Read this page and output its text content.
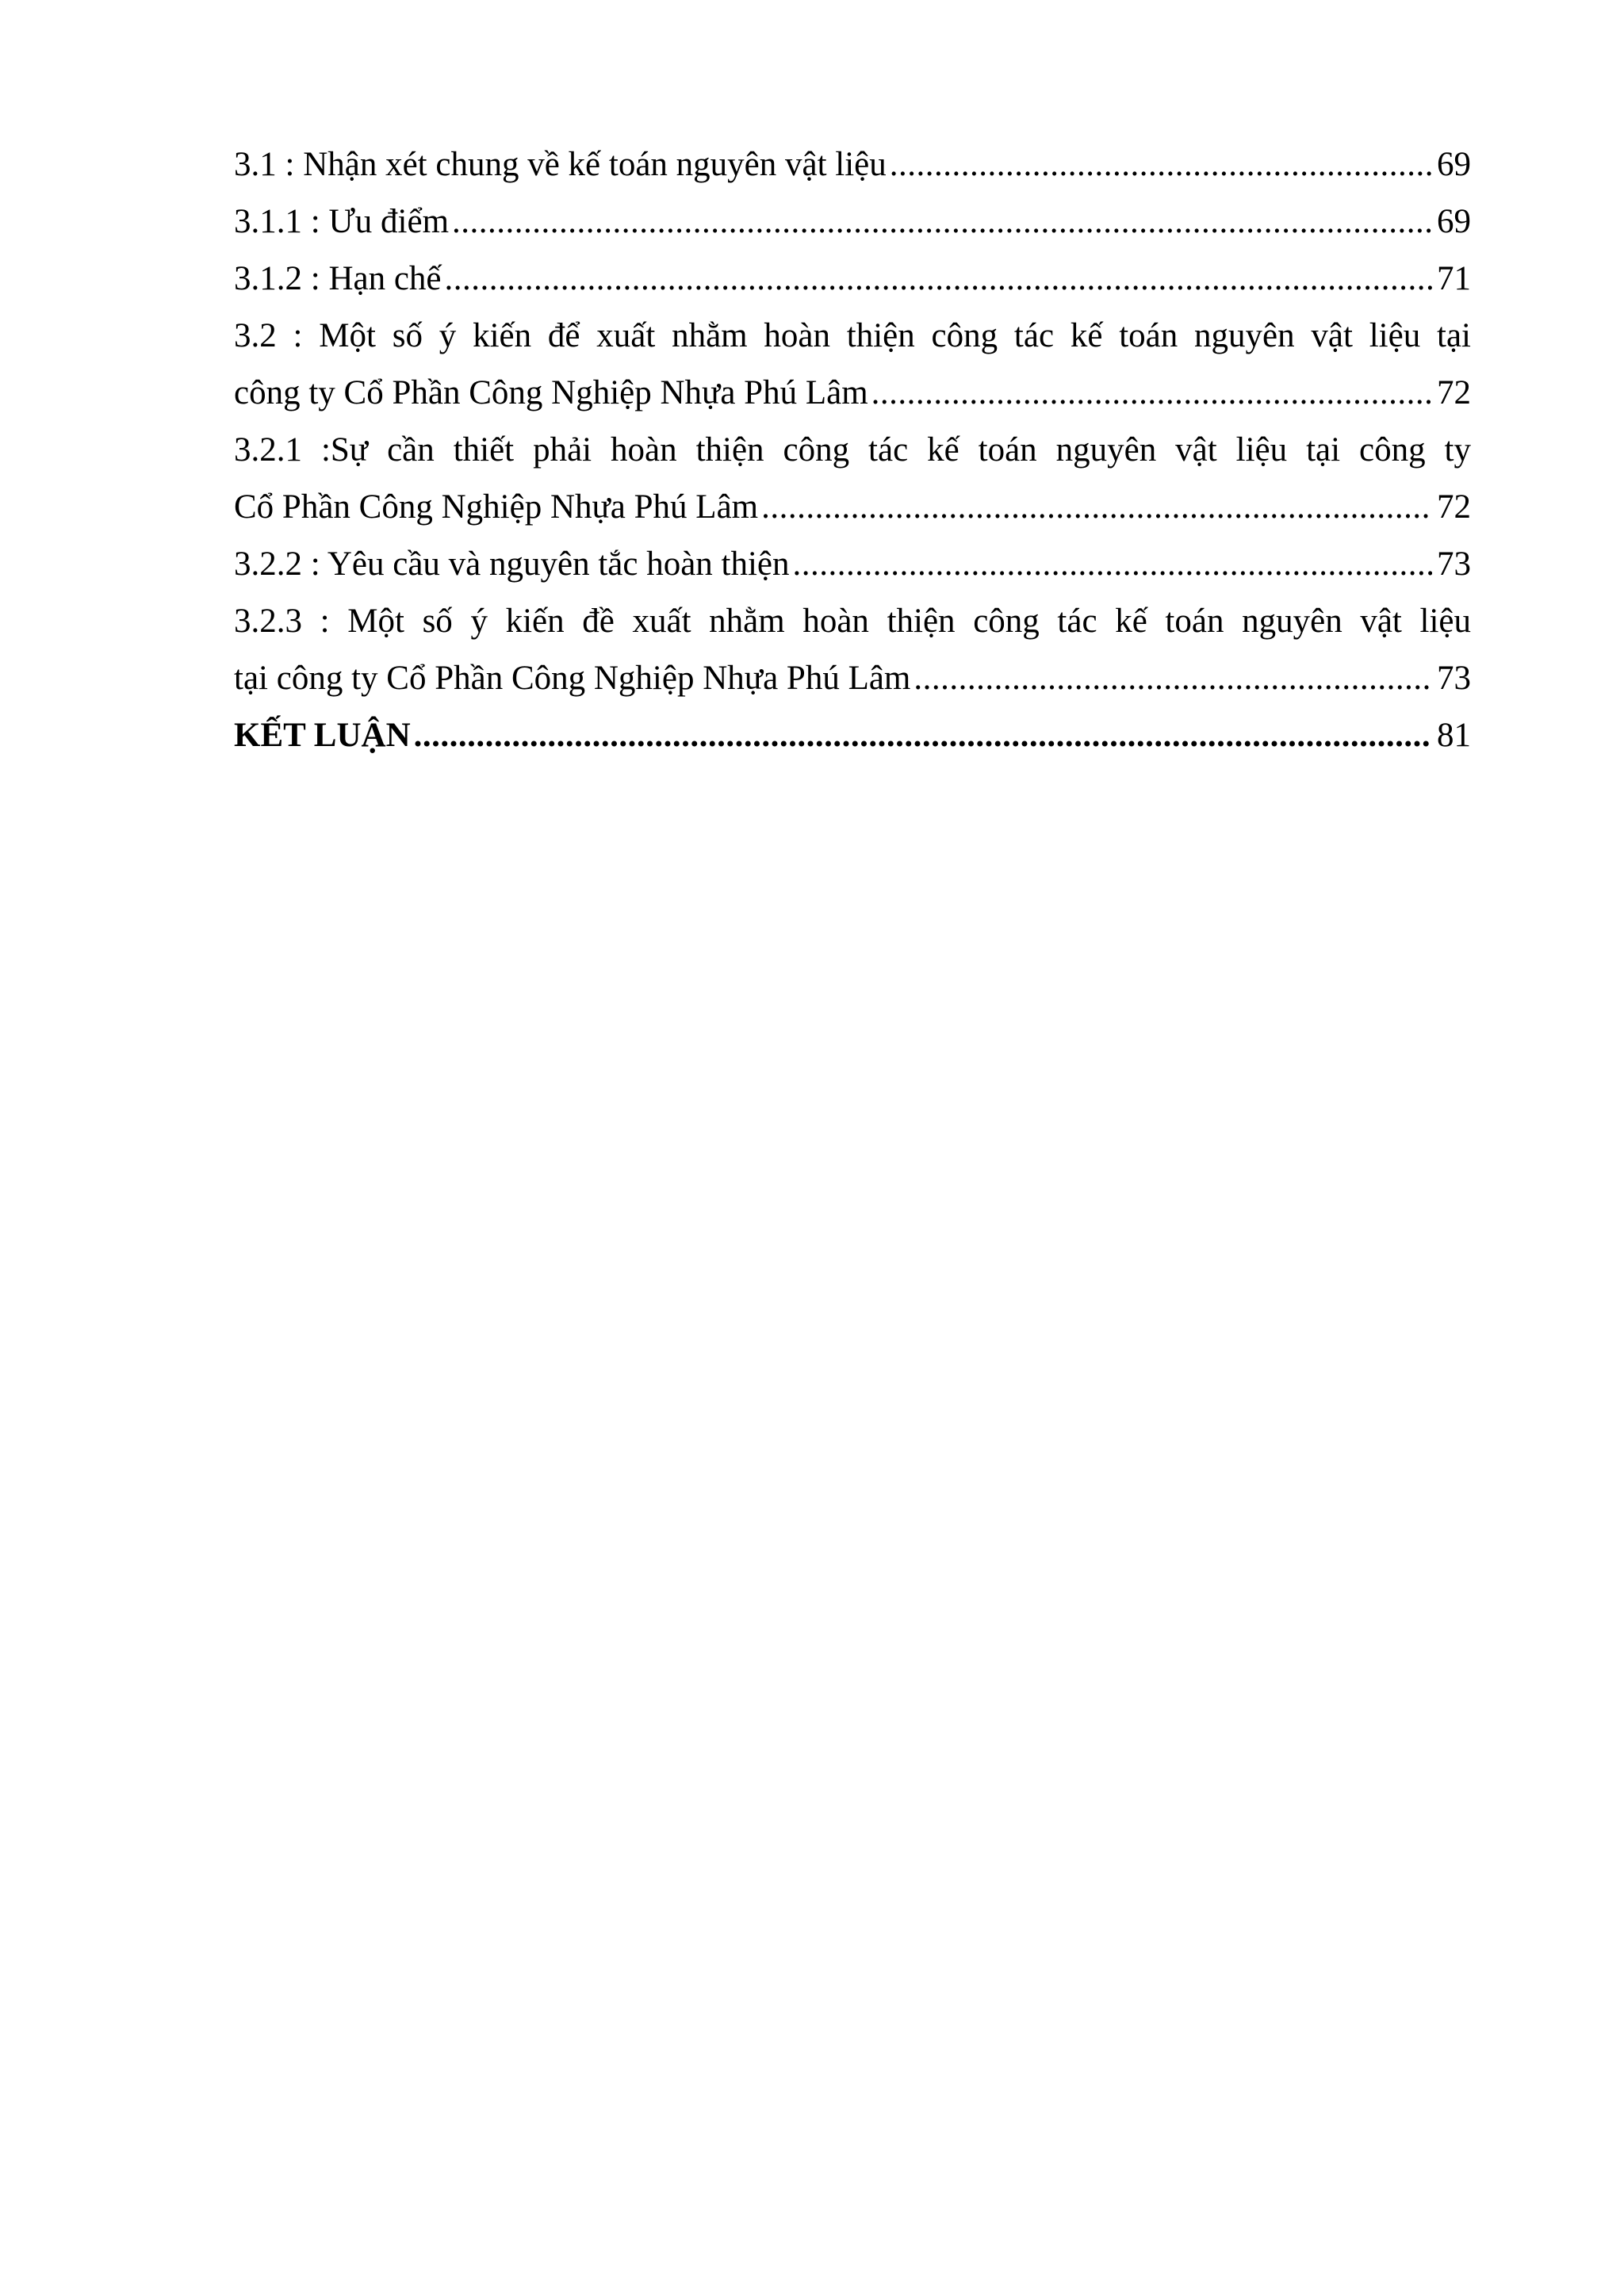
3.1 : Nhận xét chung về kế toán nguyên vật liệu .....	69
3.1.1 : Ưu điểm .....	69
3.1.2 : Hạn chế .....	71
3.2 : Một số ý kiến để xuất nhằm hoàn thiện công tác kế toán nguyên vật liệu tại
công ty Cổ Phần Công Nghiệp Nhựa Phú Lâm .....	72
3.2.1 :Sự cần thiết phải hoàn thiện công tác kế toán nguyên vật liệu tại công ty
Cổ Phần Công Nghiệp Nhựa Phú Lâm .....	72
3.2.2 : Yêu cầu và nguyên tắc hoàn thiện .....	73
3.2.3 : Một số ý kiến đề xuất nhằm hoàn thiện công tác kế toán nguyên vật liệu
tại công ty Cổ Phần Công Nghiệp Nhựa Phú Lâm .....	73
KẾT LUẬN .....	81
